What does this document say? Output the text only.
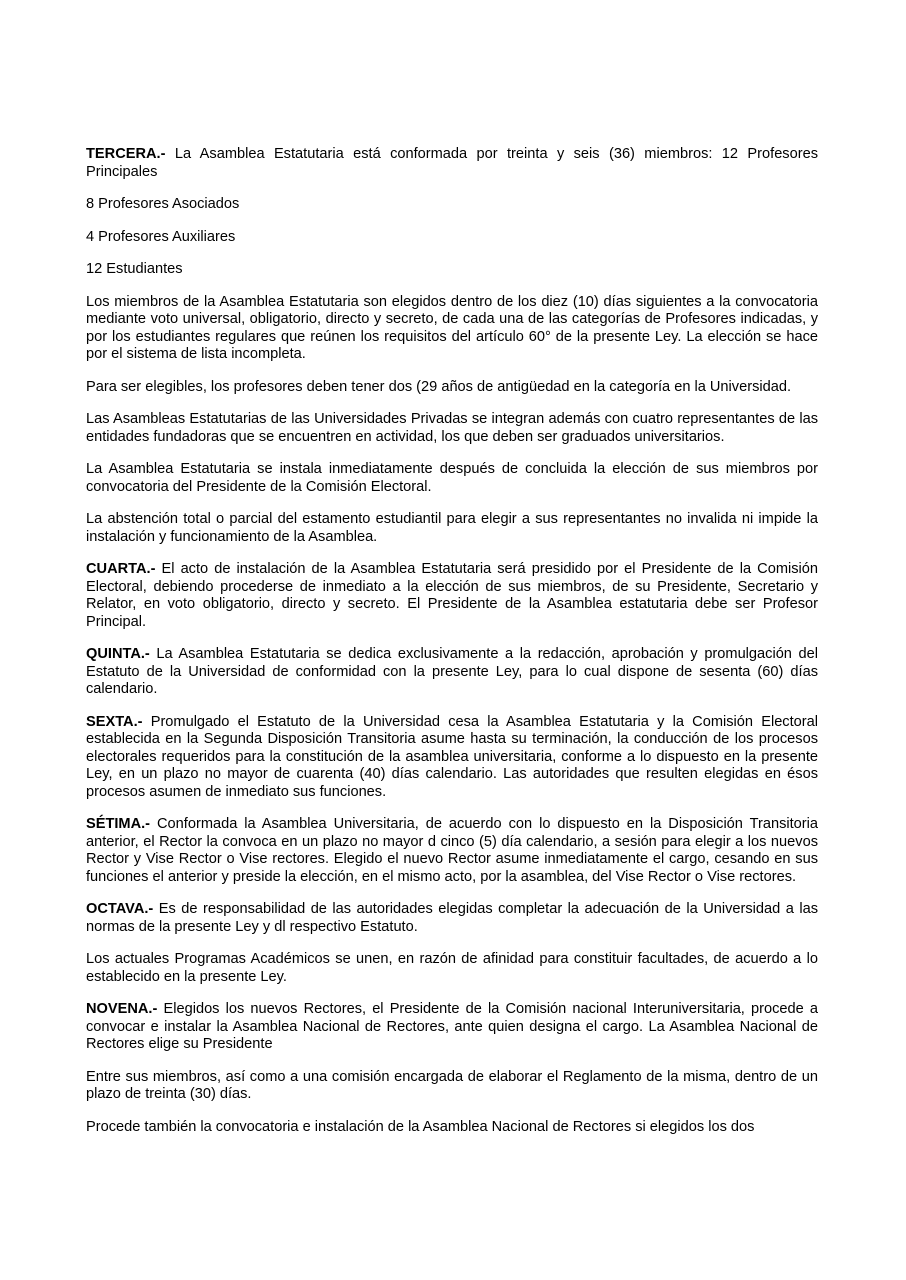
TERCERA.- La Asamblea Estatutaria está conformada por treinta y seis (36) miembros: 12 Profesores Principales

8 Profesores Asociados

4 Profesores Auxiliares

12 Estudiantes

Los miembros de la Asamblea Estatutaria son elegidos dentro de los diez (10) días siguientes a la convocatoria mediante voto universal, obligatorio, directo y secreto, de cada una de las categorías de Profesores indicadas, y por los estudiantes regulares que reúnen los requisitos del artículo 60° de la presente Ley. La elección se hace por el sistema de lista incompleta.

Para ser elegibles, los profesores deben tener dos (29 años de antigüedad en la categoría en la Universidad.

Las Asambleas Estatutarias de las Universidades Privadas se integran además con cuatro representantes de las entidades fundadoras que se encuentren en actividad, los que deben ser graduados universitarios.

La Asamblea Estatutaria se instala inmediatamente después de concluida la elección de sus miembros por convocatoria del Presidente de la Comisión Electoral.

La abstención total o parcial del estamento estudiantil para elegir a sus representantes no invalida ni impide la instalación y funcionamiento de la Asamblea.

CUARTA.- El acto de instalación de la Asamblea Estatutaria será presidido por el Presidente de la Comisión Electoral, debiendo procederse de inmediato a la elección de sus miembros, de su Presidente, Secretario y Relator, en voto obligatorio, directo y secreto. El Presidente de la Asamblea estatutaria debe ser Profesor Principal.

QUINTA.- La Asamblea Estatutaria se dedica exclusivamente a la redacción, aprobación y promulgación del Estatuto de la Universidad de conformidad con la presente Ley, para lo cual dispone de sesenta (60) días calendario.

SEXTA.- Promulgado el Estatuto de la Universidad cesa la Asamblea Estatutaria y la Comisión Electoral establecida en la Segunda Disposición Transitoria asume hasta su terminación, la conducción de los procesos electorales requeridos para la constitución de la asamblea universitaria, conforme a lo dispuesto en la presente Ley, en un plazo no mayor de cuarenta (40) días calendario. Las autoridades que resulten elegidas en ésos procesos asumen de inmediato sus funciones.

SÉTIMA.- Conformada la Asamblea Universitaria, de acuerdo con lo dispuesto en la Disposición Transitoria anterior, el Rector la convoca en un plazo no mayor d cinco (5) día calendario, a sesión para elegir a los nuevos Rector y Vise Rector o Vise rectores. Elegido el nuevo Rector asume inmediatamente el cargo, cesando en sus funciones el anterior y preside la elección, en el mismo acto, por la asamblea, del Vise Rector o Vise rectores.

OCTAVA.- Es de responsabilidad de las autoridades elegidas completar la adecuación de la Universidad a las normas de la presente Ley y dl respectivo Estatuto.

Los actuales Programas Académicos se unen, en razón de afinidad para constituir facultades, de acuerdo a lo establecido en la presente Ley.

NOVENA.- Elegidos los nuevos Rectores, el Presidente de la Comisión nacional Interuniversitaria, procede a convocar e instalar la Asamblea Nacional de Rectores, ante quien designa el cargo. La Asamblea Nacional de Rectores elige su Presidente

Entre sus miembros, así como a una comisión encargada de elaborar el Reglamento de la misma, dentro de un plazo de treinta (30) días.

Procede también la convocatoria e instalación de la Asamblea Nacional de Rectores si elegidos los dos
